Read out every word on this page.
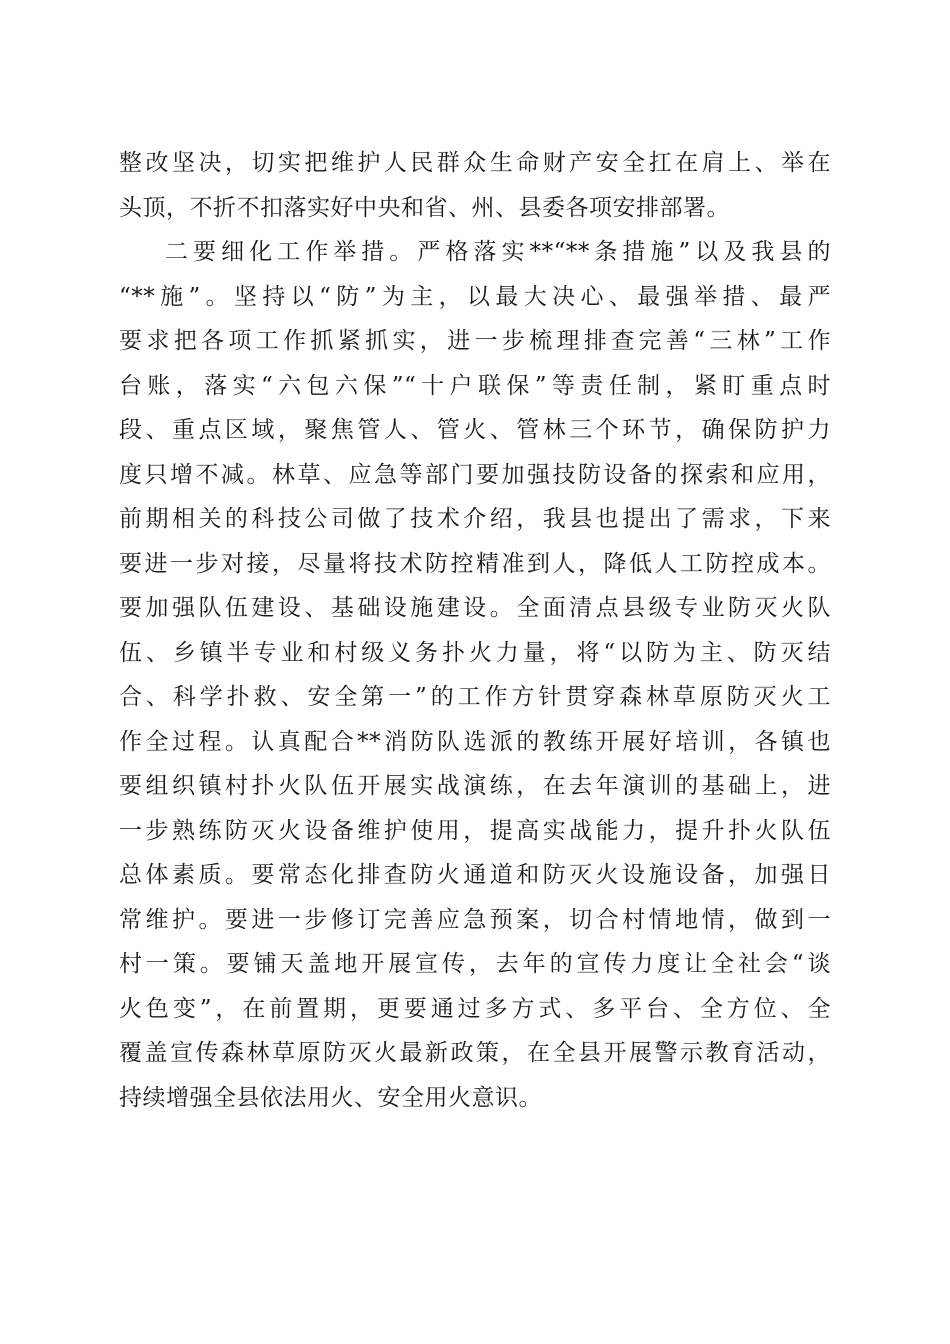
整改坚决，切实把维护人民群众生命财产安全扛在肩上、举在
头顶，不折不扣落实好中央和省、州、县委各项安排部署。
二要细化工作举措。严格落实**“**条措施”以及我县的
“**施”。坚持以“防”为主，以最大决心、最强举措、最严
要求把各项工作抓紧抓实，进一步梳理排查完善“三林”工作
台账，落实“六包六保”“十户联保”等责任制，紧盯重点时
段、重点区域，聚焦管人、管火、管林三个环节，确保防护力
度只增不减。林草、应急等部门要加强技防设备的探索和应用，
前期相关的科技公司做了技术介绍，我县也提出了需求，下来
要进一步对接，尽量将技术防控精准到人，降低人工防控成本。
要加强队伍建设、基础设施建设。全面清点县级专业防灭火队
伍、乡镇半专业和村级义务扑火力量，将“以防为主、防灭结
合、科学扑救、安全第一”的工作方针贯穿森林草原防灭火工
作全过程。认真配合**消防队选派的教练开展好培训，各镇也
要组织镇村扑火队伍开展实战演练，在去年演训的基础上，进
一步熟练防灭火设备维护使用，提高实战能力，提升扑火队伍
总体素质。要常态化排查防火通道和防灭火设施设备，加强日
常维护。要进一步修订完善应急预案，切合村情地情，做到一
村一策。要铺天盖地开展宣传，去年的宣传力度让全社会“谈
火色变”，在前置期，更要通过多方式、多平台、全方位、全
覆盖宣传森林草原防灭火最新政策，在全县开展警示教育活动，
持续增强全县依法用火、安全用火意识。
